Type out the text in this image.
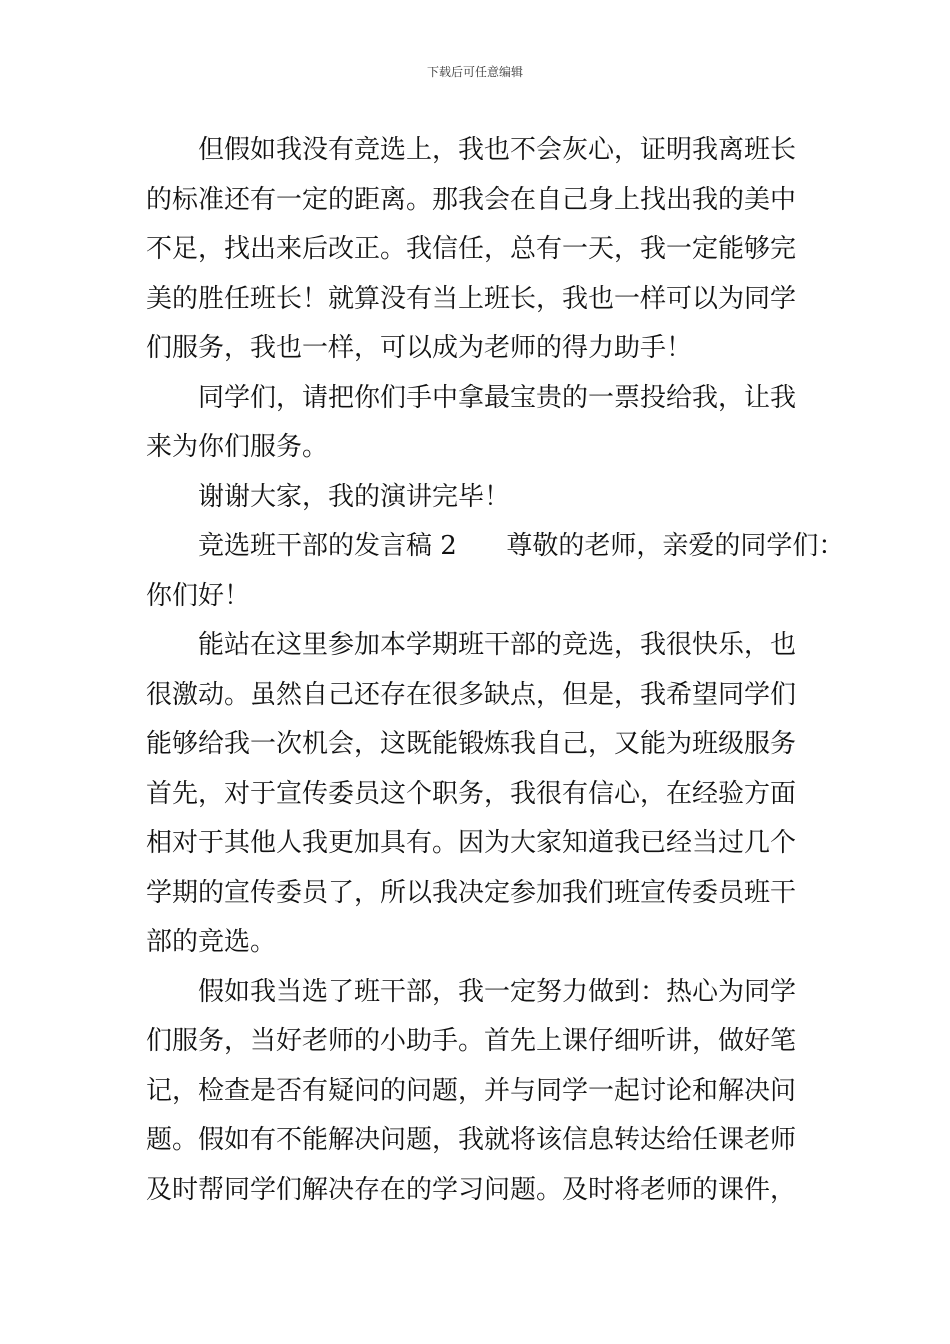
下载后可任意编辑
但假如我没有竞选上，我也不会灰心，证明我离班长
的标准还有一定的距离。那我会在自己身上找出我的美中
不足，找出来后改正。我信任，总有一天，我一定能够完
美的胜任班长！就算没有当上班长，我也一样可以为同学
们服务，我也一样，可以成为老师的得力助手！
同学们，请把你们手中拿最宝贵的一票投给我，让我
来为你们服务。
谢谢大家，我的演讲完毕！
竞选班干部的发言稿 2      尊敬的老师，亲爱的同学们：
你们好！
能站在这里参加本学期班干部的竞选，我很快乐，也
很激动。虽然自己还存在很多缺点，但是，我希望同学们
能够给我一次机会，这既能锻炼我自己，又能为班级服务
首先，对于宣传委员这个职务，我很有信心，在经验方面
相对于其他人我更加具有。因为大家知道我已经当过几个
学期的宣传委员了，所以我决定参加我们班宣传委员班干
部的竞选。
假如我当选了班干部，我一定努力做到：热心为同学
们服务，当好老师的小助手。首先上课仔细听讲，做好笔
记，检查是否有疑问的问题，并与同学一起讨论和解决问
题。假如有不能解决问题，我就将该信息转达给任课老师
及时帮同学们解决存在的学习问题。及时将老师的课件，
